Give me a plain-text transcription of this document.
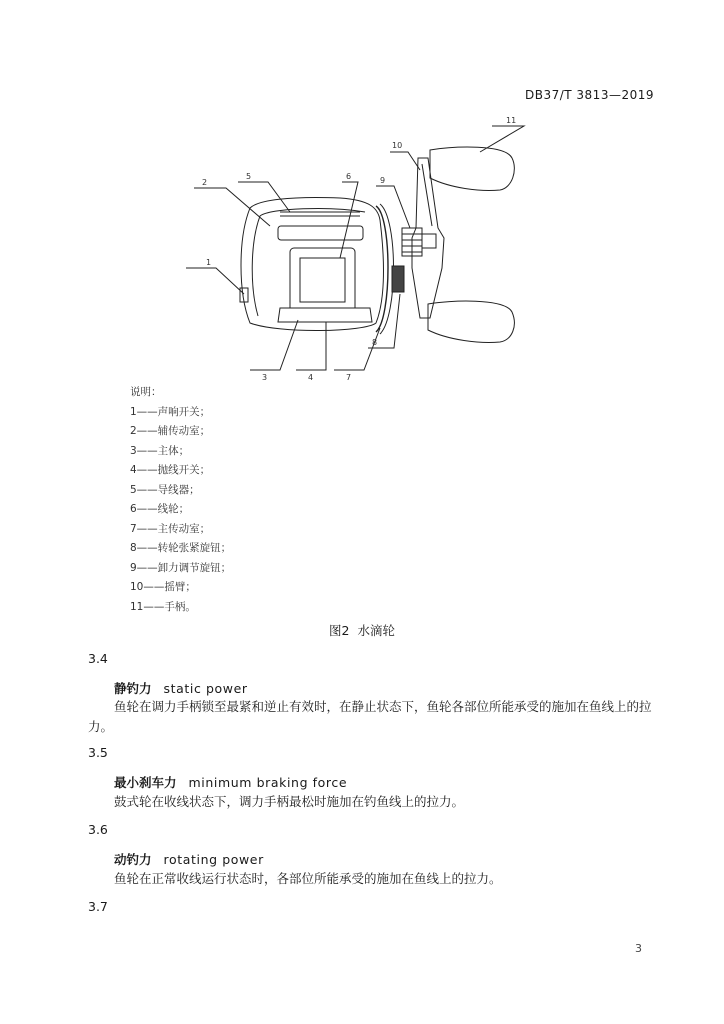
DB37/T 3813—2019
11
10
2
5	6	9
1
8
3	4	7
说明：
1——声响开关；
2——辅传动室；
3——主体；
4——抛线开关；
5——导线器；
6——线轮；
7——主传动室；
8——转轮张紧旋钮；
9——卸力调节旋钮；
10——摇臂；
11——手柄。
图2 水滴轮
3.4
静钓力 static power
鱼轮在调力手柄锁至最紧和逆止有效时，在静止状态下，鱼轮各部位所能承受的施加在鱼线上的拉力。
3.5
最小刹车力 minimum braking force
鼓式轮在收线状态下，调力手柄最松时施加在钓鱼线上的拉力。
3.6
动钓力 rotating power
鱼轮在正常收线运行状态时，各部位所能承受的施加在鱼线上的拉力。
3.7
3
